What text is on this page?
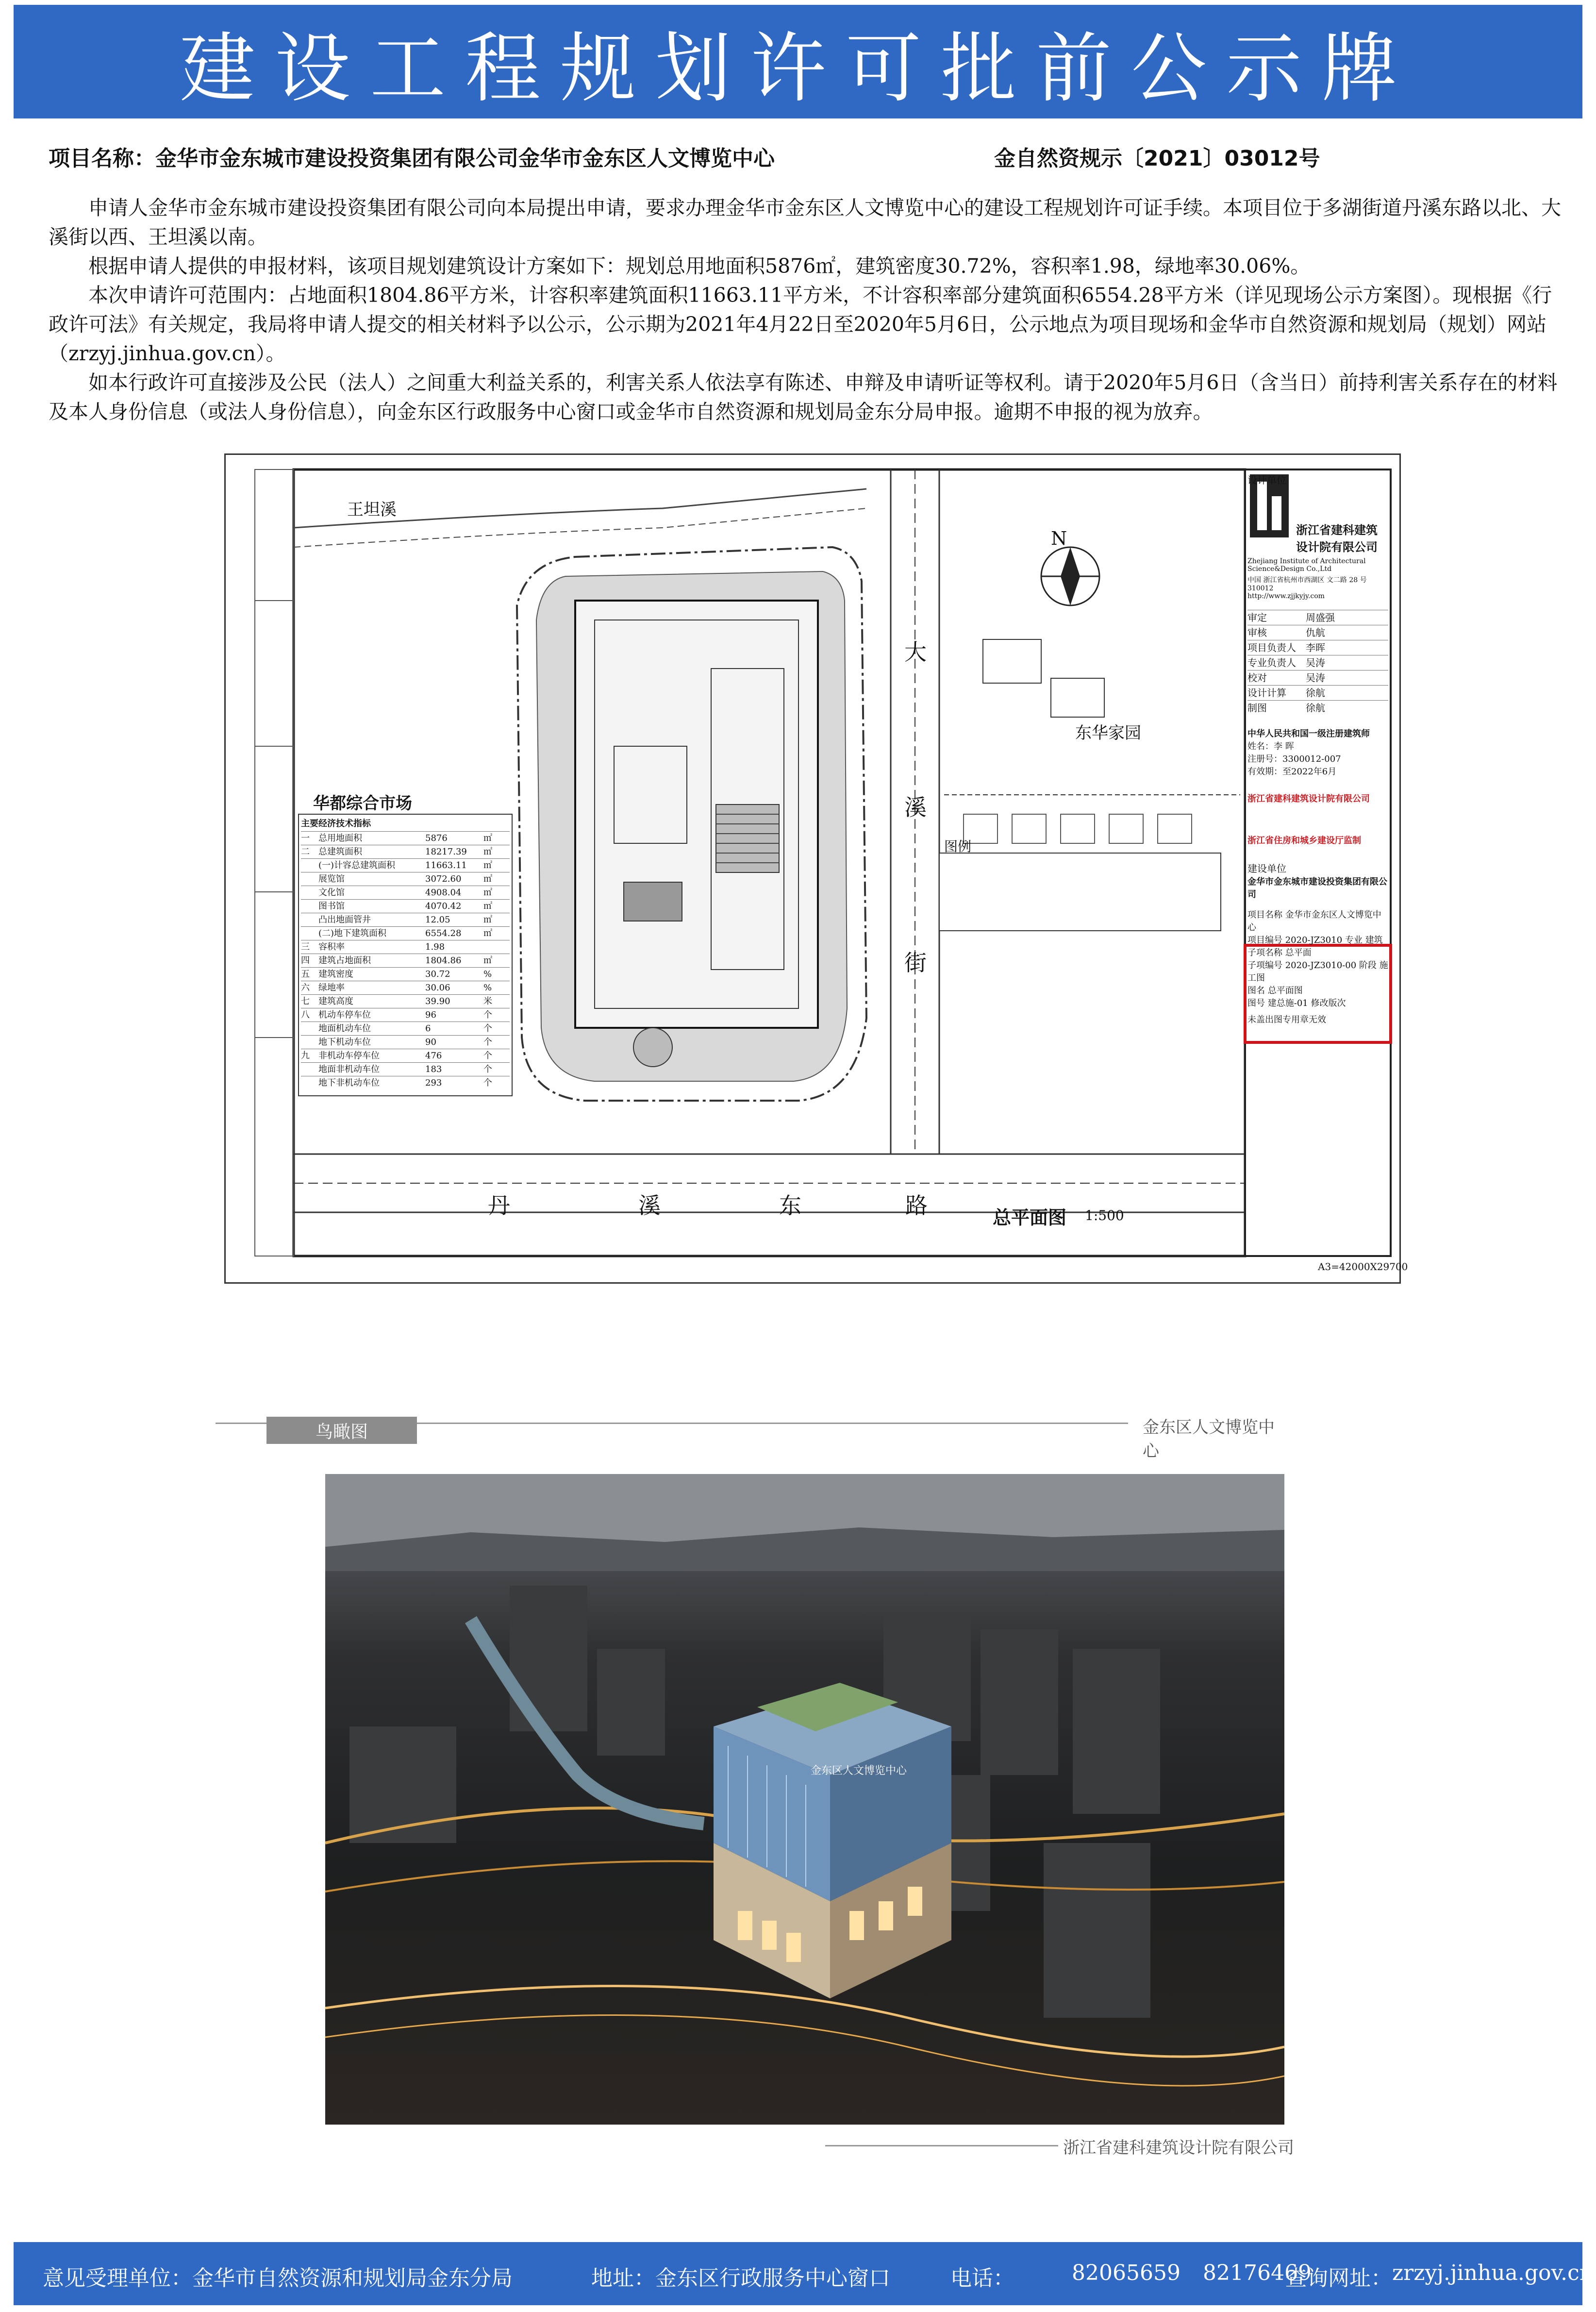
建设工程规划许可批前公示牌
项目名称：金华市金东城市建设投资集团有限公司金华市金东区人文博览中心	金自然资规示〔2021〕03012号

申请人金华市金东城市建设投资集团有限公司向本局提出申请，要求办理金华市金东区人文博览中心的建设工程规划许可证手续。本项目位于多湖街道丹溪东路以北、大溪街以西、王坦溪以南。

根据申请人提供的申报材料，该项目规划建筑设计方案如下：规划总用地面积5876㎡，建筑密度30.72%，容积率1.98，绿地率30.06%。

本次申请许可范围内：占地面积1804.86平方米，计容积率建筑面积11663.11平方米，不计容积率部分建筑面积6554.28平方米（详见现场公示方案图）。现根据《行政许可法》有关规定，我局将申请人提交的相关材料予以公示，公示期为2021年4月22日至2020年5月6日，公示地点为项目现场和金华市自然资源和规划局（规划）网站（zrzyj.jinhua.gov.cn）。

如本行政许可直接涉及公民（法人）之间重大利益关系的，利害关系人依法享有陈述、申辩及申请听证等权利。请于2020年5月6日（含当日）前持利害关系存在的材料及本人身份信息（或法人身份信息），向金东区行政服务中心窗口或金华市自然资源和规划局金东分局申报。逾期不申报的视为放弃。

王坦溪
华都综合市场
东华家园
N
丹	溪	东	路
大
溪
街
总平面图 1:500
图例
A3=42000X29700
主要经济技术指标
一	总用地面积	5876	㎡
二	总建筑面积	18217.39	㎡
(一)计容总建筑面积	11663.11	㎡
展览馆	3072.60	㎡
文化馆	4908.04	㎡
图书馆	4070.42	㎡
凸出地面管井	12.05	㎡
(二)地下建筑面积	6554.28	㎡
三	容积率	1.98
四	建筑占地面积	1804.86	㎡
五	建筑密度	30.72	%
六	绿地率	30.06	%
七	建筑高度	39.90	米
八	机动车停车位	96	个
地面机动车位	6	个
地下机动车位	90	个
九	非机动车停车位	476	个
地面非机动车位	183	个
地下非机动车位	293	个
设计单位
浙江省建科建筑设计院有限公司
Zhejiang Institute of Architectural Science&Design Co.,Ltd
中国 浙江省杭州市西湖区 文二路 28 号 310012
http://www.zjjkyjy.com
审定	周盛强
审核	仇航
项目负责人	李晖
专业负责人	吴涛
校对	吴涛
设计计算	徐航
制图	徐航
中华人民共和国一级注册建筑师
姓名：李 晖
注册号：3300012-007
有效期：至2022年6月
浙江省建科建筑设计院有限公司
浙江省住房和城乡建设厅监制
建设单位
金华市金东城市建设投资集团有限公司
项目名称 金华市金东区人文博览中心
项目编号 2020-JZ3010 专业 建筑
子项名称 总平面
子项编号 2020-JZ3010-00 阶段 施工图
图名 总平面图
图号 建总施-01 修改版次
未盖出图专用章无效
鸟瞰图	金东区人文博览中心
金东区人文博览中心
浙江省建科建筑设计院有限公司
意见受理单位：金华市自然资源和规划局金东分局	地址：金东区行政服务中心窗口	电话：	82065659 82176469
查询网址： zrzyj.jinhua.gov.cn
